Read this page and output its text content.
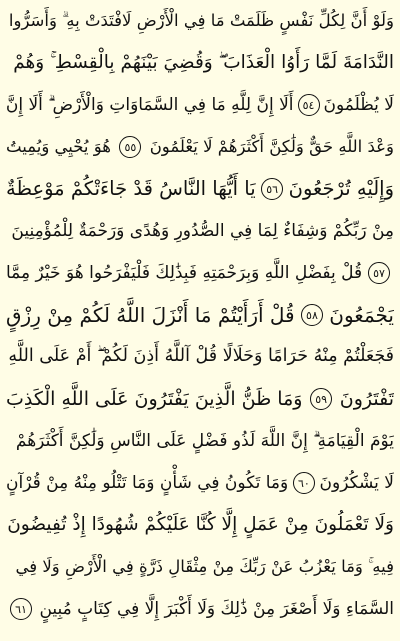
وَلَوْ أَنَّ لِكُلِّ نَفْسٍ ظَلَمَتْ مَا فِي الْأَرْضِ لَافْتَدَتْ بِهِ ۗ وَأَسَرُّوا
النَّدَامَةَ لَمَّا رَأَوُا الْعَذَابَ ۖ وَقُضِيَ بَيْنَهُمْ بِالْقِسْطِ ۚ وَهُمْ
لَا يُظْلَمُونَ
٥٤
أَلَا إِنَّ لِلَّهِ مَا فِي السَّمَاوَاتِ وَالْأَرْضِ ۗ أَلَا إِنَّ
وَعْدَ اللَّهِ حَقٌّ وَلَٰكِنَّ أَكْثَرَهُمْ لَا يَعْلَمُونَ
٥٥
هُوَ يُحْيِي وَيُمِيتُ
وَإِلَيْهِ تُرْجَعُونَ
٥٦
يَا أَيُّهَا النَّاسُ قَدْ جَاءَتْكُمْ مَوْعِظَةٌ
مِنْ رَبِّكُمْ وَشِفَاءٌ لِمَا فِي الصُّدُورِ وَهُدًى وَرَحْمَةٌ لِلْمُؤْمِنِينَ
٥٧
قُلْ بِفَضْلِ اللَّهِ وَبِرَحْمَتِهِ فَبِذَٰلِكَ فَلْيَفْرَحُوا هُوَ خَيْرٌ مِمَّا
يَجْمَعُونَ
٥٨
قُلْ أَرَأَيْتُمْ مَا أَنْزَلَ اللَّهُ لَكُمْ مِنْ رِزْقٍ
فَجَعَلْتُمْ مِنْهُ حَرَامًا وَحَلَالًا قُلْ آللَّهُ أَذِنَ لَكُمْ ۖ أَمْ عَلَى اللَّهِ
تَفْتَرُونَ
٥٩
وَمَا ظَنُّ الَّذِينَ يَفْتَرُونَ عَلَى اللَّهِ الْكَذِبَ
يَوْمَ الْقِيَامَةِ ۗ إِنَّ اللَّهَ لَذُو فَضْلٍ عَلَى النَّاسِ وَلَٰكِنَّ أَكْثَرَهُمْ
لَا يَشْكُرُونَ
٦٠
وَمَا تَكُونُ فِي شَأْنٍ وَمَا تَتْلُو مِنْهُ مِنْ قُرْآنٍ
وَلَا تَعْمَلُونَ مِنْ عَمَلٍ إِلَّا كُنَّا عَلَيْكُمْ شُهُودًا إِذْ تُفِيضُونَ
فِيهِ ۚ وَمَا يَعْزُبُ عَنْ رَبِّكَ مِنْ مِثْقَالِ ذَرَّةٍ فِي الْأَرْضِ وَلَا فِي
السَّمَاءِ وَلَا أَصْغَرَ مِنْ ذَٰلِكَ وَلَا أَكْبَرَ إِلَّا فِي كِتَابٍ مُبِينٍ
٦١
